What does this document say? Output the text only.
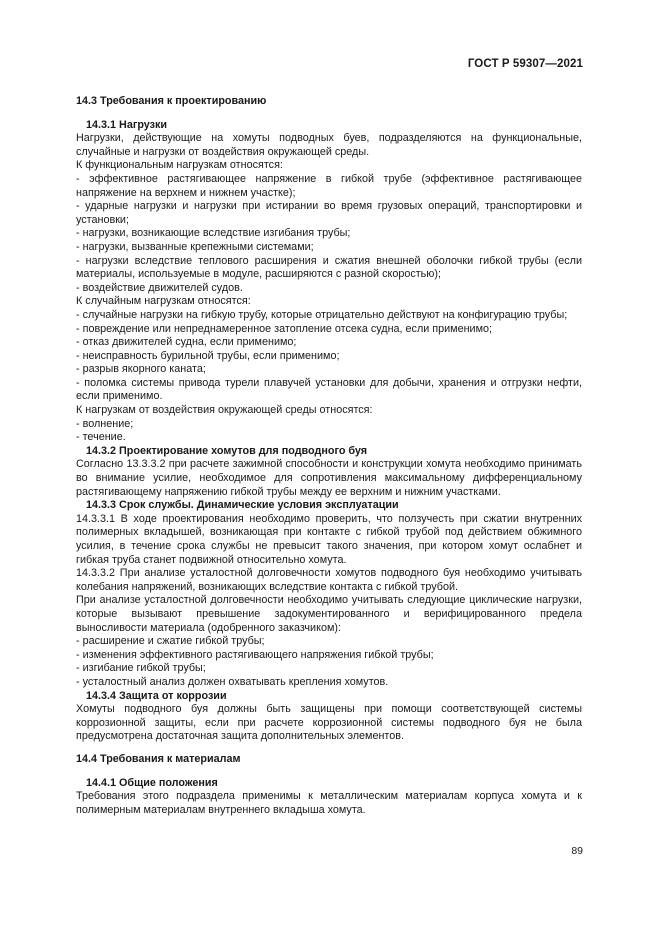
ГОСТ Р 59307—2021
14.3 Требования к проектированию
14.3.1 Нагрузки

Нагрузки, действующие на хомуты подводных буев, подразделяются на функциональные, случайные и нагрузки от воздействия окружающей среды.

К функциональным нагрузкам относятся:

- эффективное растягивающее напряжение в гибкой трубе (эффективное растягивающее напряжение на верхнем и нижнем участке);

- ударные нагрузки и нагрузки при истирании во время грузовых операций, транспортировки и установки;

- нагрузки, возникающие вследствие изгибания трубы;

- нагрузки, вызванные крепежными системами;

- нагрузки вследствие теплового расширения и сжатия внешней оболочки гибкой трубы (если материалы, используемые в модуле, расширяются с разной скоростью);

- воздействие движителей судов.

К случайным нагрузкам относятся:

- случайные нагрузки на гибкую трубу, которые отрицательно действуют на конфигурацию трубы;

- повреждение или непреднамеренное затопление отсека судна, если применимо;

- отказ движителей судна, если применимо;

- неисправность бурильной трубы, если применимо;

- разрыв якорного каната;

- поломка системы привода турели плавучей установки для добычи, хранения и отгрузки нефти, если применимо.

К нагрузкам от воздействия окружающей среды относятся:

- волнение;

- течение.

14.3.2 Проектирование хомутов для подводного буя

Согласно 13.3.3.2 при расчете зажимной способности и конструкции хомута необходимо принимать во внимание усилие, необходимое для сопротивления максимальному дифференциальному растягивающему напряжению гибкой трубы между ее верхним и нижним участками.

14.3.3 Срок службы. Динамические условия эксплуатации

14.3.3.1 В ходе проектирования необходимо проверить, что ползучесть при сжатии внутренних полимерных вкладышей, возникающая при контакте с гибкой трубой под действием обжимного усилия, в течение срока службы не превысит такого значения, при котором хомут ослабнет и гибкая труба станет подвижной относительно хомута.

14.3.3.2 При анализе усталостной долговечности хомутов подводного буя необходимо учитывать колебания напряжений, возникающих вследствие контакта с гибкой трубой.

При анализе усталостной долговечности необходимо учитывать следующие циклические нагрузки, которые вызывают превышение задокументированного и верифицированного предела выносливости материала (одобренного заказчиком):

- расширение и сжатие гибкой трубы;

- изменения эффективного растягивающего напряжения гибкой трубы;

- изгибание гибкой трубы;

- усталостный анализ должен охватывать крепления хомутов.

14.3.4 Защита от коррозии

Хомуты подводного буя должны быть защищены при помощи соответствующей системы коррозионной защиты, если при расчете коррозионной системы подводного буя не была предусмотрена достаточная защита дополнительных элементов.

14.4 Требования к материалам
14.4.1 Общие положения

Требования этого подраздела применимы к металлическим материалам корпуса хомута и к полимерным материалам внутреннего вкладыша хомута.

89
